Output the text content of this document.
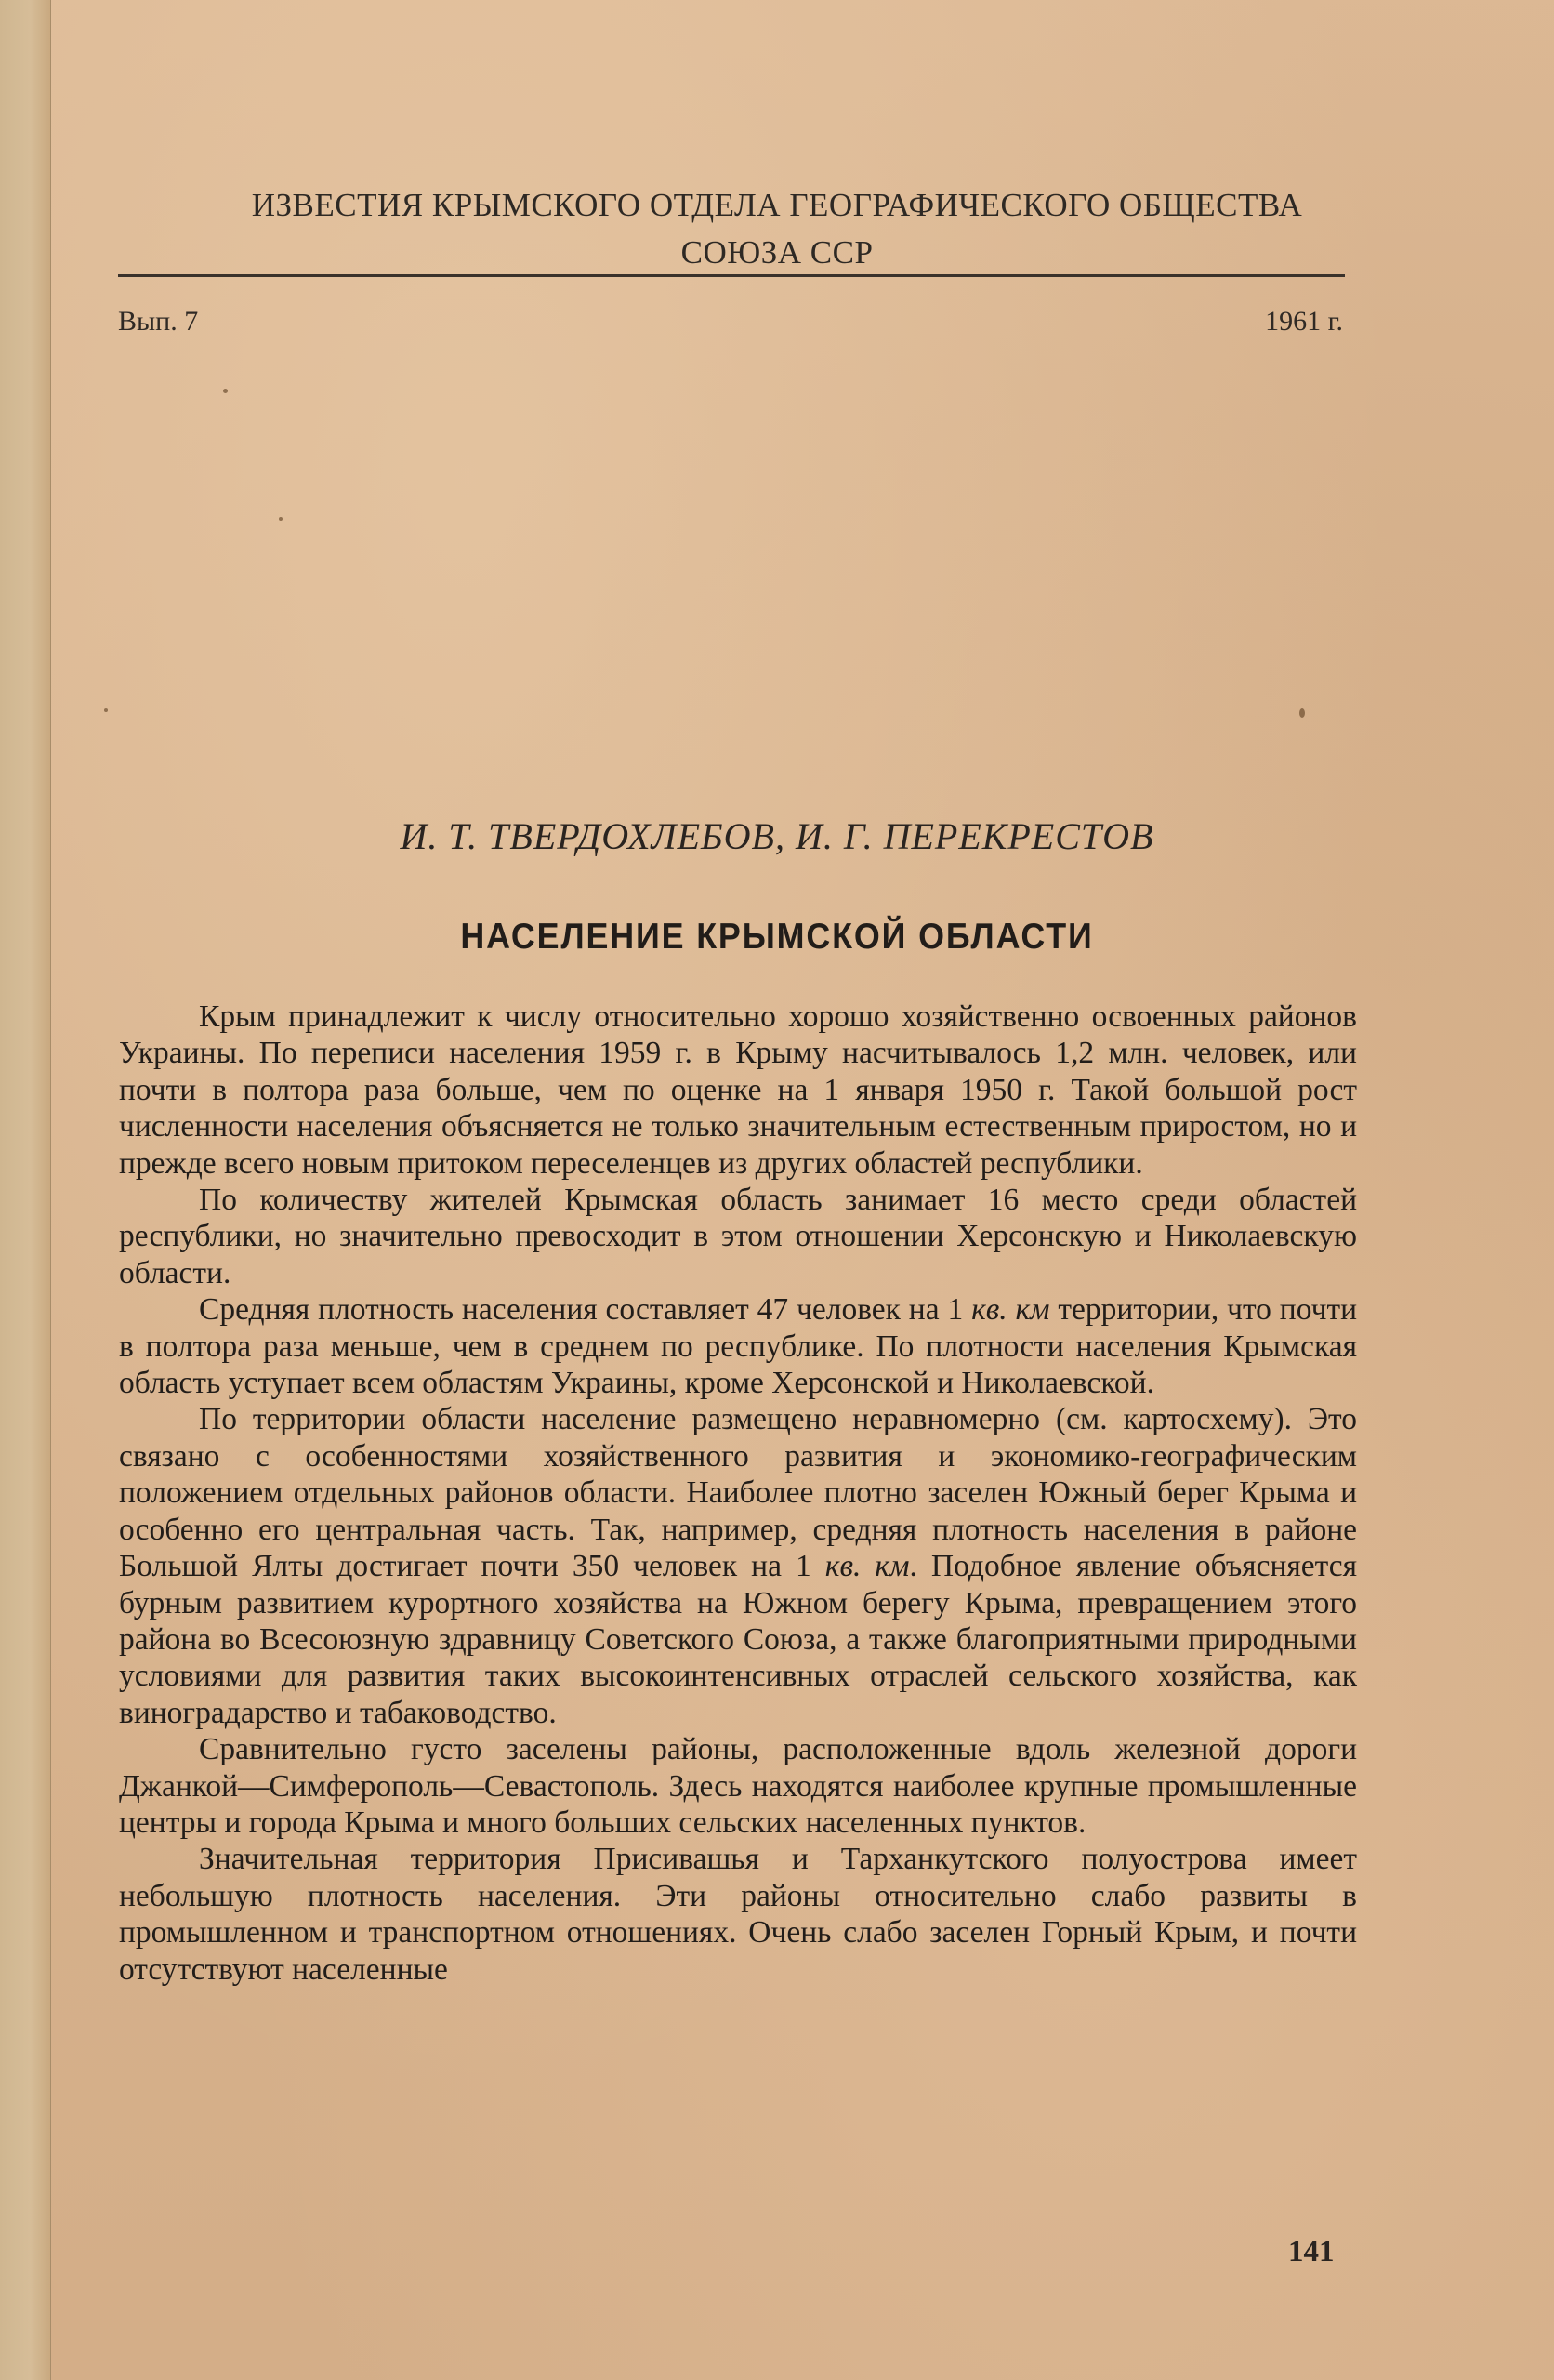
ИЗВЕСТИЯ КРЫМСКОГО ОТДЕЛА ГЕОГРАФИЧЕСКОГО ОБЩЕСТВА
СОЮЗА ССР
Вып. 7	1961 г.
И. Т. ТВЕРДОХЛЕБОВ, И. Г. ПЕРЕКРЕСТОВ
НАСЕЛЕНИЕ КРЫМСКОЙ ОБЛАСТИ

Крым принадлежит к числу относительно хорошо хозяйственно освоенных районов Украины. По переписи населения 1959 г. в Крыму насчитывалось 1,2 млн. человек, или почти в полтора раза больше, чем по оценке на 1 января 1950 г. Такой большой рост численности населения объясняется не только значительным естественным приростом, но и прежде всего новым притоком переселенцев из других областей республики.

По количеству жителей Крымская область занимает 16 место среди областей республики, но значительно превосходит в этом отношении Херсонскую и Николаевскую области.

Средняя плотность населения составляет 47 человек на 1 кв. км территории, что почти в полтора раза меньше, чем в среднем по республике. По плотности населения Крымская область уступает всем областям Украины, кроме Херсонской и Николаевской.

По территории области население размещено неравномерно (см. картосхему). Это связано с особенностями хозяйственного развития и экономико-географическим положением отдельных районов области. Наиболее плотно заселен Южный берег Крыма и особенно его центральная часть. Так, например, средняя плотность населения в районе Большой Ялты достигает почти 350 человек на 1 кв. км. Подобное явление объясняется бурным развитием курортного хозяйства на Южном берегу Крыма, превращением этого района во Всесоюзную здравницу Советского Союза, а также благоприятными природными условиями для развития таких высокоинтенсивных отраслей сельского хозяйства, как виноградарство и табаководство.

Сравнительно густо заселены районы, расположенные вдоль железной дороги Джанкой—Симферополь—Севастополь. Здесь находятся наиболее крупные промышленные центры и города Крыма и много больших сельских населенных пунктов.

Значительная территория Присивашья и Тарханкутского полуострова имеет небольшую плотность населения. Эти районы относительно слабо развиты в промышленном и транспортном отношениях. Очень слабо заселен Горный Крым, и почти отсутствуют населенные

141
